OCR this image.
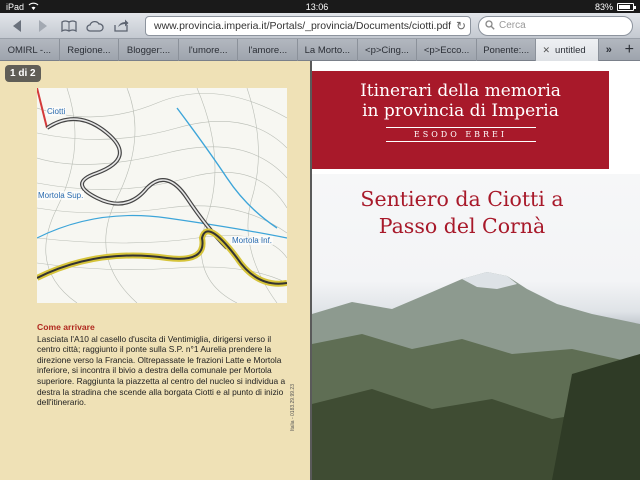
iPad	13:06	83%
www.provincia.imperia.it/Portals/_provincia/Documents/ciotti.pdf ↻	Cerca
OMIRL -... Regione... Blogger:... l'umore... l'amore... La Morto... <p>Cing... <p>Ecco... Ponente:... ✕ untitled	» +
1 di 2
Ciotti
Mortola Sup.
Mortola Inf.
Come arrivare
Lasciata l'A10 al casello d'uscita di Ventimiglia, dirigersi verso il centro città; raggiunto il ponte sulla S.P. n°1 Aurelia prendere la direzione verso la Francia. Oltrepassate le frazioni Latte e Mortola inferiore, si incontra il bivio a destra della comunale per Mortola superiore. Raggiunta la piazzetta al centro del nucleo si individua a destra la stradina che scende alla borgata Ciotti e al punto di inizio dell'itinerario.	Italia - 0183.29.99.23
Itinerari della memoria
in provincia di Imperia
ESODO EBREI
Sentiero da Ciotti a
Passo del Cornà
